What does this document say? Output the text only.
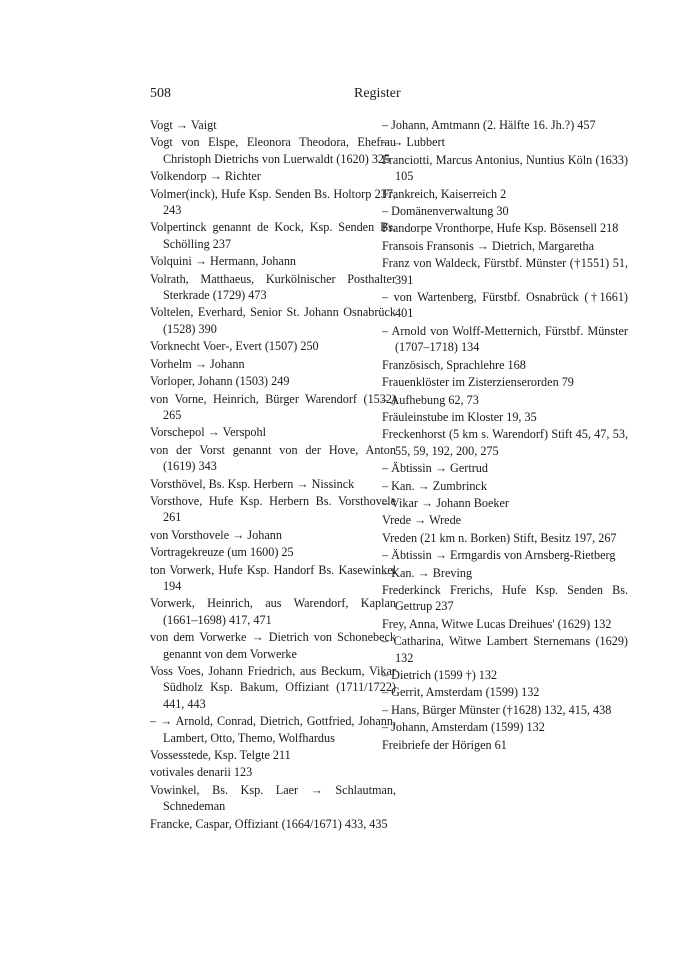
508	Register
Vogt → Vaigt
Vogt von Elspe, Eleonora Theodora, Ehefrau Christoph Dietrichs von Luerwaldt (1620) 325
Volkendorp → Richter
Volmer(inck), Hufe Ksp. Senden Bs. Holtorp 237, 243
Volpertinck genannt de Kock, Ksp. Senden Bs. Schölling 237
Volquini → Hermann, Johann
Volrath, Matthaeus, Kurkölnischer Posthalter Sterkrade (1729) 473
Voltelen, Everhard, Senior St. Johann Osnabrück (1528) 390
Vorknecht Voer-, Evert (1507) 250
Vorhelm → Johann
Vorloper, Johann (1503) 249
von Vorne, Heinrich, Bürger Warendorf (1532) 265
Vorschepol → Verspohl
von der Vorst genannt von der Hove, Anton (1619) 343
Vorsthövel, Bs. Ksp. Herbern → Nissinck
Vorsthove, Hufe Ksp. Herbern Bs. Vorsthovele 261
von Vorsthovele → Johann
Vortragekreuze (um 1600) 25
ton Vorwerk, Hufe Ksp. Handorf Bs. Kasewinkel 194
Vorwerk, Heinrich, aus Warendorf, Kaplan (1661–1698) 417, 471
von dem Vorwerke → Dietrich von Schonebeck genannt von dem Vorwerke
Voss Voes, Johann Friedrich, aus Beckum, Vikar Südholz Ksp. Bakum, Offiziant (1711/1722) 441, 443
– → Arnold, Conrad, Dietrich, Gottfried, Johann, Lambert, Otto, Themo, Wolfhardus
Vossesstede, Ksp. Telgte 211
votivales denarii 123
Vowinkel, Bs. Ksp. Laer → Schlautman, Schnedeman
Francke, Caspar, Offiziant (1664/1671) 433, 435
– Johann, Amtmann (2. Hälfte 16. Jh.?) 457
– → Lubbert
Franciotti, Marcus Antonius, Nuntius Köln (1633) 105
Frankreich, Kaiserreich 2
– Domänenverwaltung 30
Frandorpe Vronthorpe, Hufe Ksp. Bösensell 218
Fransois Fransonis → Dietrich, Margaretha
Franz von Waldeck, Fürstbf. Münster (†1551) 51, 391
– von Wartenberg, Fürstbf. Osnabrück (†1661) 401
– Arnold von Wolff-Metternich, Fürstbf. Münster (1707–1718) 134
Französisch, Sprachlehre 168
Frauenklöster im Zisterzienserorden 79
– Aufhebung 62, 73
Fräuleinstube im Kloster 19, 35
Freckenhorst (5 km s. Warendorf) Stift 45, 47, 53, 55, 59, 192, 200, 275
– Äbtissin → Gertrud
– Kan. → Zumbrinck
– Vikar → Johann Boeker
Vrede → Wrede
Vreden (21 km n. Borken) Stift, Besitz 197, 267
– Äbtissin → Ermgardis von Arnsberg-Rietberg
– Kan. → Breving
Frederkinck Frerichs, Hufe Ksp. Senden Bs. Gettrup 237
Frey, Anna, Witwe Lucas Dreihues' (1629) 132
– Catharina, Witwe Lambert Sternemans (1629) 132
– Dietrich (1599 †) 132
– Gerrit, Amsterdam (1599) 132
– Hans, Bürger Münster (†1628) 132, 415, 438
– Johann, Amsterdam (1599) 132
Freibriefe der Hörigen 61
